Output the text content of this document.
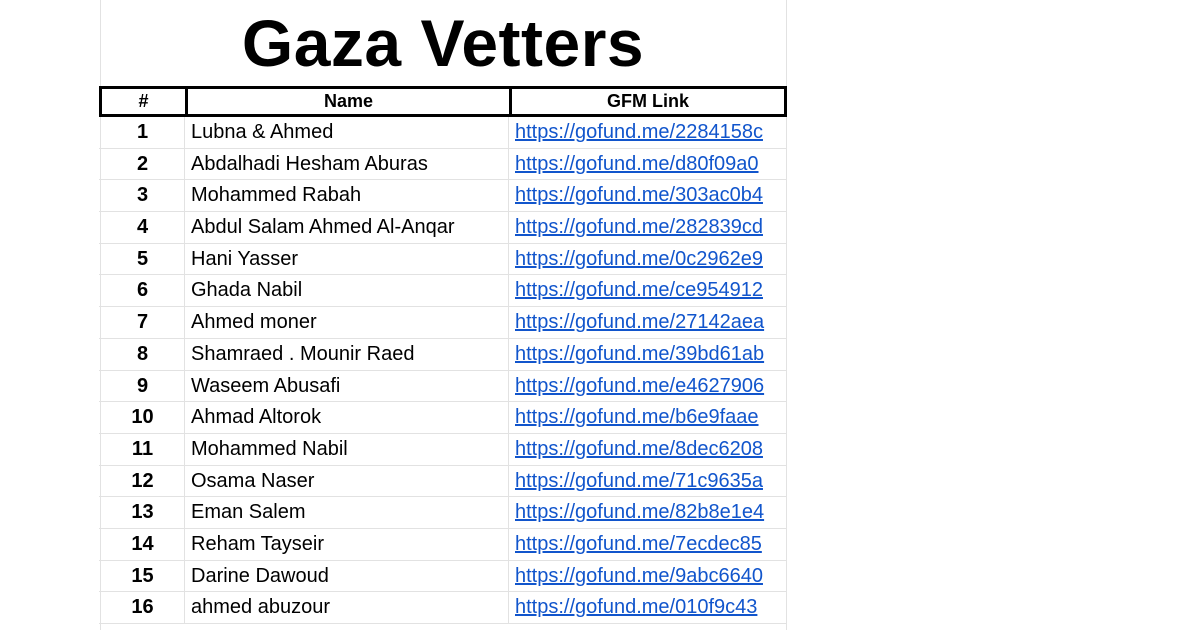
Gaza Vetters
#	Name	GFM Link
1	Lubna & Ahmed	https://gofund.me/2284158c
2	Abdalhadi Hesham Aburas	https://gofund.me/d80f09a0
3	Mohammed Rabah	https://gofund.me/303ac0b4
4	Abdul Salam Ahmed Al-Anqar	https://gofund.me/282839cd
5	Hani Yasser	https://gofund.me/0c2962e9
6	Ghada Nabil	https://gofund.me/ce954912
7	Ahmed moner	https://gofund.me/27142aea
8	Shamraed . Mounir Raed	https://gofund.me/39bd61ab
9	Waseem Abusafi	https://gofund.me/e4627906
10	Ahmad Altorok	https://gofund.me/b6e9faae
11	Mohammed Nabil	https://gofund.me/8dec6208
12	Osama Naser	https://gofund.me/71c9635a
13	Eman Salem	https://gofund.me/82b8e1e4
14	Reham Tayseir	https://gofund.me/7ecdec85
15	Darine Dawoud	https://gofund.me/9abc6640
16	ahmed abuzour	https://gofund.me/010f9c43
